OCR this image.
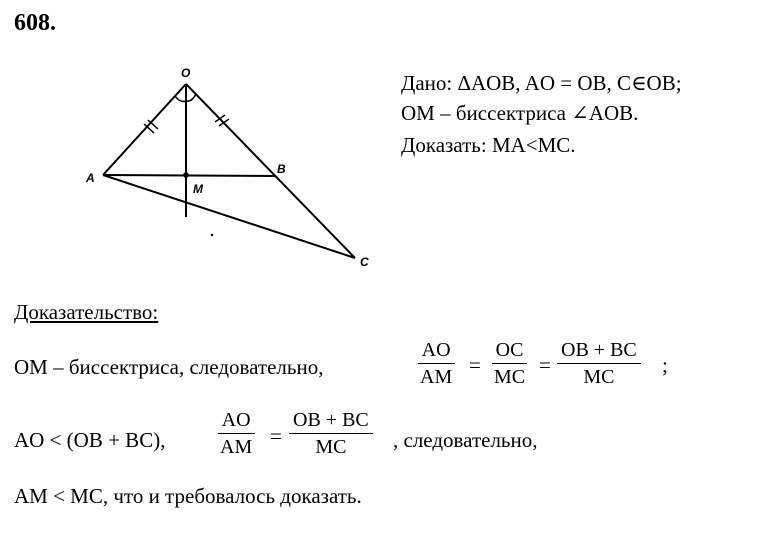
608.
O
A
B
M
C
Дано: ΔAOB, AO = OB, C∈OB;
OM – биссектриса ∠AOB.
Доказать: MA<MC.
Доказательство:
OM – биссектриса, следовательно,	$\frac{AO}{AM} = \frac{OC}{MC} = \frac{OB + BC}{MC}$ ;
AO < (OB + BC),	$\frac{AO}{AM} = \frac{OB + BC}{MC}$ , следовательно,
AM < MC, что и требовалось доказать.
